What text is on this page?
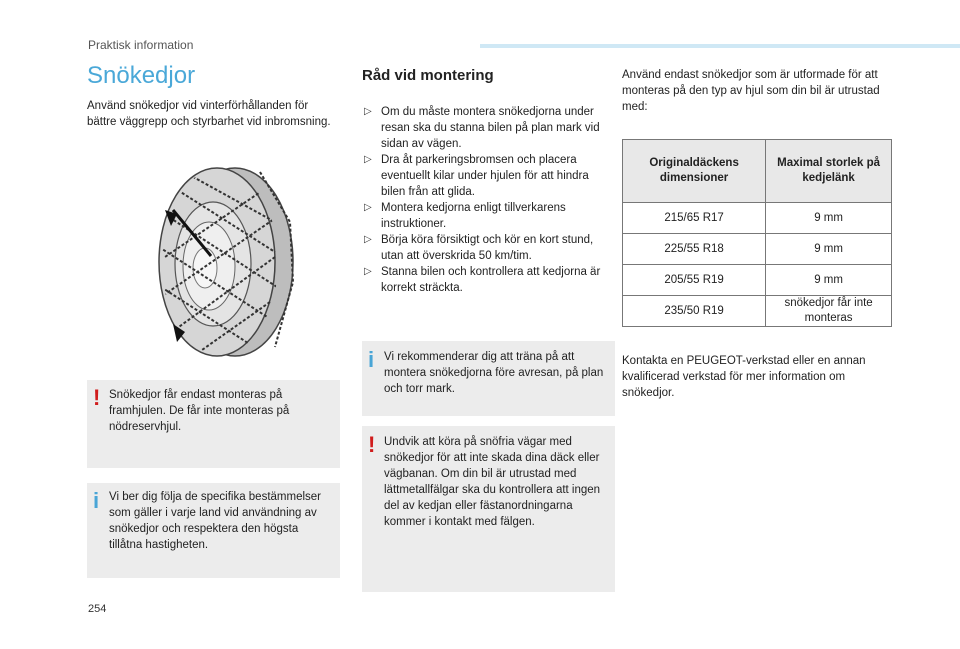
Praktisk information
Snökedjor
Använd snökedjor vid vinterförhållanden för bättre väggrepp och styrbarhet vid inbromsning.
! Snökedjor får endast monteras på framhjulen. De får inte monteras på nödreservhjul.
i Vi ber dig följa de specifika bestämmelser som gäller i varje land vid användning av snökedjor och respektera den högsta tillåtna hastigheten.
Råd vid montering
▷ Om du måste montera snökedjorna under resan ska du stanna bilen på plan mark vid sidan av vägen.
▷ Dra åt parkeringsbromsen och placera eventuellt kilar under hjulen för att hindra bilen från att glida.
▷ Montera kedjorna enligt tillverkarens instruktioner.
▷ Börja köra försiktigt och kör en kort stund, utan att överskrida 50 km/tim.
▷ Stanna bilen och kontrollera att kedjorna är korrekt sträckta.
i Vi rekommenderar dig att träna på att montera snökedjorna före avresan, på plan och torr mark.
! Undvik att köra på snöfria vägar med snökedjor för att inte skada dina däck eller vägbanan. Om din bil är utrustad med lättmetallfälgar ska du kontrollera att ingen del av kedjan eller fästanordningarna kommer i kontakt med fälgen.
Använd endast snökedjor som är utformade för att monteras på den typ av hjul som din bil är utrustad med:
Originaldäckens dimensioner	Maximal storlek på kedjelänk
215/65 R17	9 mm
225/55 R18	9 mm
205/55 R19	9 mm
235/50 R19	snökedjor får inte monteras
Kontakta en PEUGEOT-verkstad eller en annan kvalificerad verkstad för mer information om snökedjor.
254
